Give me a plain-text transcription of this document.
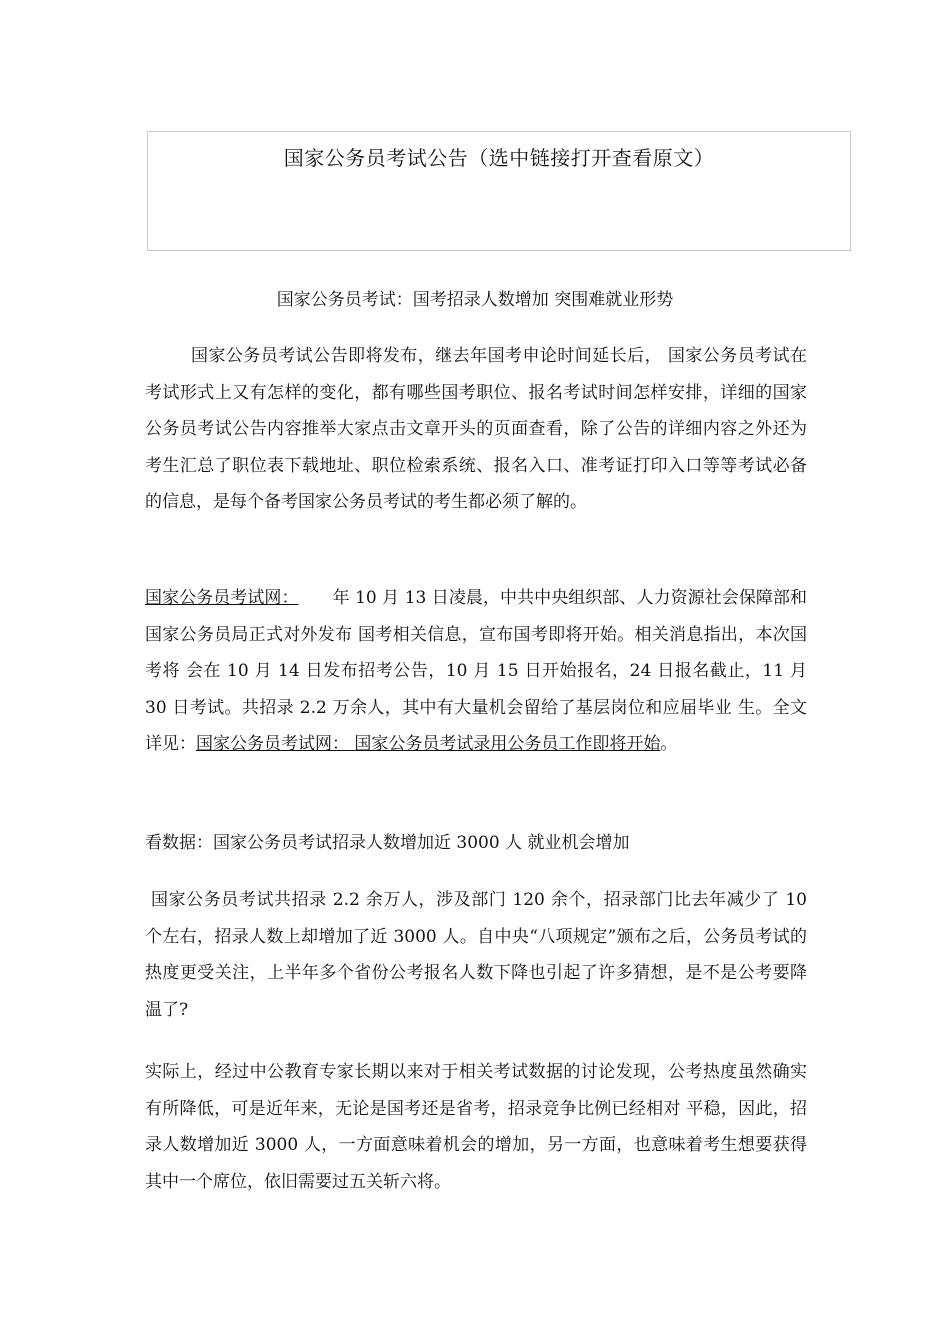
国家公务员考试公告（选中链接打开查看原文）
国家公务员考试：国考招录人数增加 突围难就业形势
国家公务员考试公告即将发布，继去年国考申论时间延长后， 国家公务员考试在考试形式上又有怎样的变化，都有哪些国考职位、报名考试时间怎样安排，详细的国家公务员考试公告内容推举大家点击文章开头的页面查看，除了公告的详细内容之外还为考生汇总了职位表下载地址、职位检索系统、报名入口、准考证打印入口等等考试必备的信息，是每个备考国家公务员考试的考生都必须了解的。
国家公务员考试网： 年 10 月 13 日凌晨，中共中央组织部、人力资源社会保障部和国家公务员局正式对外发布 国考相关信息，宣布国考即将开始。相关消息指出，本次国考将 会在 10 月 14 日发布招考公告，10 月 15 日开始报名，24 日报名截止，11 月 30 日考试。共招录 2.2 万余人，其中有大量机会留给了基层岗位和应届毕业 生。全文详见：国家公务员考试网： 国家公务员考试录用公务员工作即将开始。
看数据：国家公务员考试招录人数增加近 3000 人 就业机会增加
国家公务员考试共招录 2.2 余万人，涉及部门 120 余个，招录部门比去年减少了 10 个左右，招录人数上却增加了近 3000 人。自中央“八项规定”颁布之后，公务员考试的热度更受关注，上半年多个省份公考报名人数下降也引起了许多猜想，是不是公考要降温了?
实际上，经过中公教育专家长期以来对于相关考试数据的讨论发现，公考热度虽然确实有所降低，可是近年来，无论是国考还是省考，招录竞争比例已经相对 平稳，因此，招录人数增加近 3000 人，一方面意味着机会的增加，另一方面，也意味着考生想要获得其中一个席位，依旧需要过五关斩六将。
